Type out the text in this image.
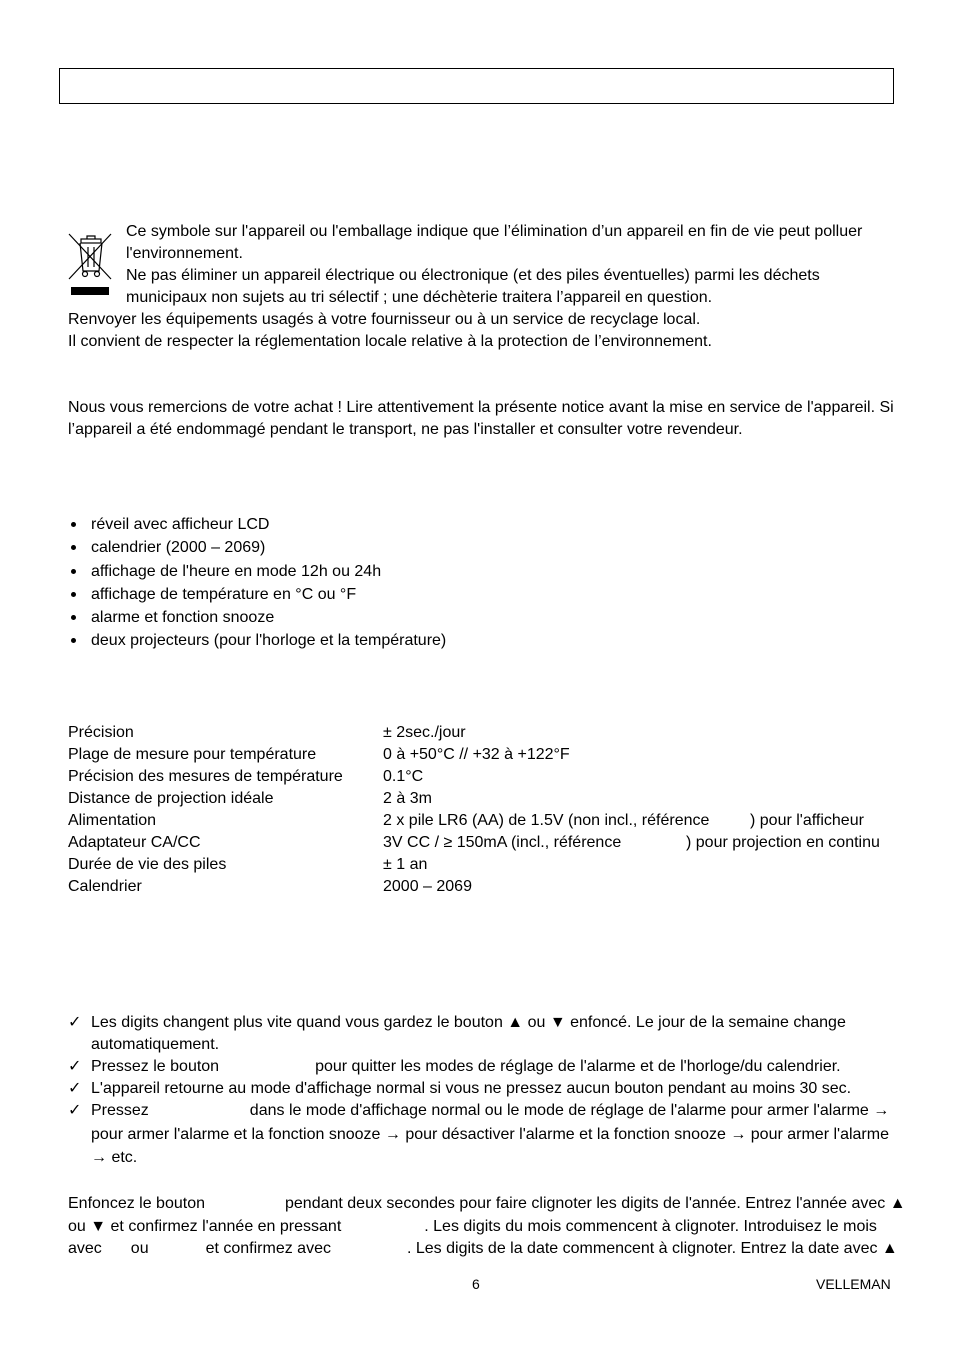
Ce symbole sur l'appareil ou l'emballage indique que l’élimination d’un appareil en fin de vie peut polluer
l'environnement.
Ne pas éliminer un appareil électrique ou électronique (et des piles éventuelles) parmi les déchets
municipaux non sujets au tri sélectif ; une déchèterie traitera l’appareil en question.
Renvoyer les équipements usagés à votre fournisseur ou à un service de recyclage local.
Il convient de respecter la réglementation locale relative à la protection de l’environnement.
Nous vous remercions de votre achat ! Lire attentivement la présente notice avant la mise en service de l'appareil. Si
l’appareil a été endommagé pendant le transport, ne pas l'installer et consulter votre revendeur.
réveil avec afficheur LCD
calendrier (2000 – 2069)
affichage de l'heure en mode 12h ou 24h
affichage de température en °C ou °F
alarme et fonction snooze
deux projecteurs (pour l'horloge et la température)
Précision	± 2sec./jour
Plage de mesure pour température	0 à +50°C // +32 à +122°F
Précision des mesures de température	0.1°C
Distance de projection idéale	2 à 3m
Alimentation	2 x pile LR6 (AA) de 1.5V (non incl., référence	) pour l'afficheur
Adaptateur CA/CC	3V CC / ≥ 150mA (incl., référence	) pour projection en continu
Durée de vie des piles	± 1 an
Calendrier	2000 – 2069
✓ Les digits changent plus vite quand vous gardez le bouton ▲ ou ▼ enfoncé. Le jour de la semaine change
automatiquement.
✓ Pressez le bouton	pour quitter les modes de réglage de l'alarme et de l'horloge/du calendrier.
✓ L'appareil retourne au mode d'affichage normal si vous ne pressez aucun bouton pendant au moins 30 sec.
✓ Pressez	dans le mode d'affichage normal ou le mode de réglage de l'alarme pour armer l'alarme →
pour armer l'alarme et la fonction snooze → pour désactiver l'alarme et la fonction snooze → pour armer l'alarme
→ etc.
Enfoncez le bouton	pendant deux secondes pour faire clignoter les digits de l'année. Entrez l'année avec ▲
ou ▼ et confirmez l'année en pressant	. Les digits du mois commencent à clignoter. Introduisez le mois
avec ou	et confirmez avec	. Les digits de la date commencent à clignoter. Entrez la date avec ▲
6	VELLEMAN
